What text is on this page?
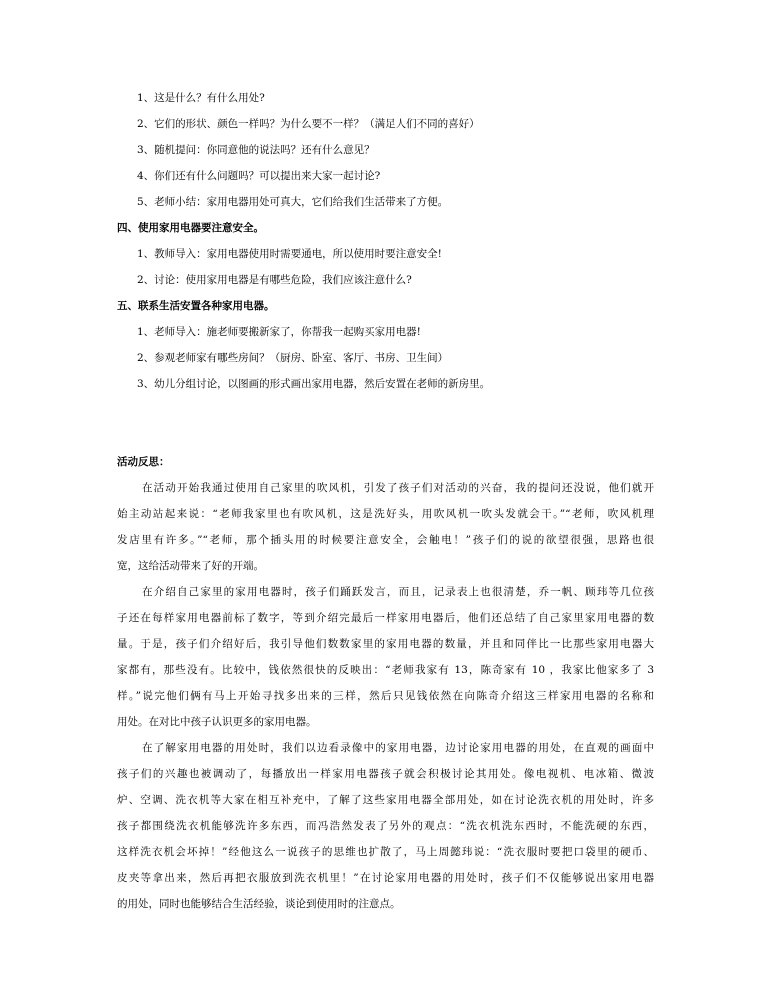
1、这是什么？有什么用处?
2、它们的形状、颜色一样吗？为什么要不一样？（满足人们不同的喜好）
3、随机提问：你同意他的说法吗？还有什么意见？
4、你们还有什么问题吗？可以提出来大家一起讨论?
5、老师小结：家用电器用处可真大，它们给我们生活带来了方便。
四、使用家用电器要注意安全。
1、教师导入：家用电器使用时需要通电，所以使用时要注意安全!
2、讨论：使用家用电器是有哪些危险，我们应该注意什么?
五、联系生活安置各种家用电器。
1、老师导入：施老师要搬新家了，你帮我一起购买家用电器!
2、参观老师家有哪些房间？（厨房、卧室、客厅、书房、卫生间）
3、幼儿分组讨论，以图画的形式画出家用电器，然后安置在老师的新房里。
活动反思：
在活动开始我通过使用自己家里的吹风机，引发了孩子们对活动的兴奋，我的提问还没说，他们就开
始主动站起来说：“老师我家里也有吹风机，这是洗好头，用吹风机一吹头发就会干。”“老师，吹风机理
发店里有许多。”“老师，那个插头用的时候要注意安全，会触电！”孩子们的说的欲望很强，思路也很
宽，这给活动带来了好的开端。
在介绍自己家里的家用电器时，孩子们踊跃发言，而且，记录表上也很清楚，乔一帆、顾玮等几位孩
子还在每样家用电器前标了数字，等到介绍完最后一样家用电器后，他们还总结了自己家里家用电器的数
量。于是，孩子们介绍好后，我引导他们数数家里的家用电器的数量，并且和同伴比一比那些家用电器大
家都有，那些没有。比较中，钱依然很快的反映出：“老师我家有 13，陈奇家有 10 ，我家比他家多了 3
样。”说完他们俩有马上开始寻找多出来的三样，然后只见钱依然在向陈奇介绍这三样家用电器的名称和
用处。在对比中孩子认识更多的家用电器。
在了解家用电器的用处时，我们以边看录像中的家用电器，边讨论家用电器的用处，在直观的画面中
孩子们的兴趣也被调动了，每播放出一样家用电器孩子就会积极讨论其用处。像电视机、电冰箱、微波
炉、空调、洗衣机等大家在相互补充中，了解了这些家用电器全部用处，如在讨论洗衣机的用处时，许多
孩子都围绕洗衣机能够洗许多东西，而冯浩然发表了另外的观点：“洗衣机洗东西时，不能洗硬的东西，
这样洗衣机会坏掉！”经他这么一说孩子的思维也扩散了，马上周懿玮说：“洗衣服时要把口袋里的硬币、
皮夹等拿出来，然后再把衣服放到洗衣机里！”在讨论家用电器的用处时，孩子们不仅能够说出家用电器
的用处，同时也能够结合生活经验，谈论到使用时的注意点。
